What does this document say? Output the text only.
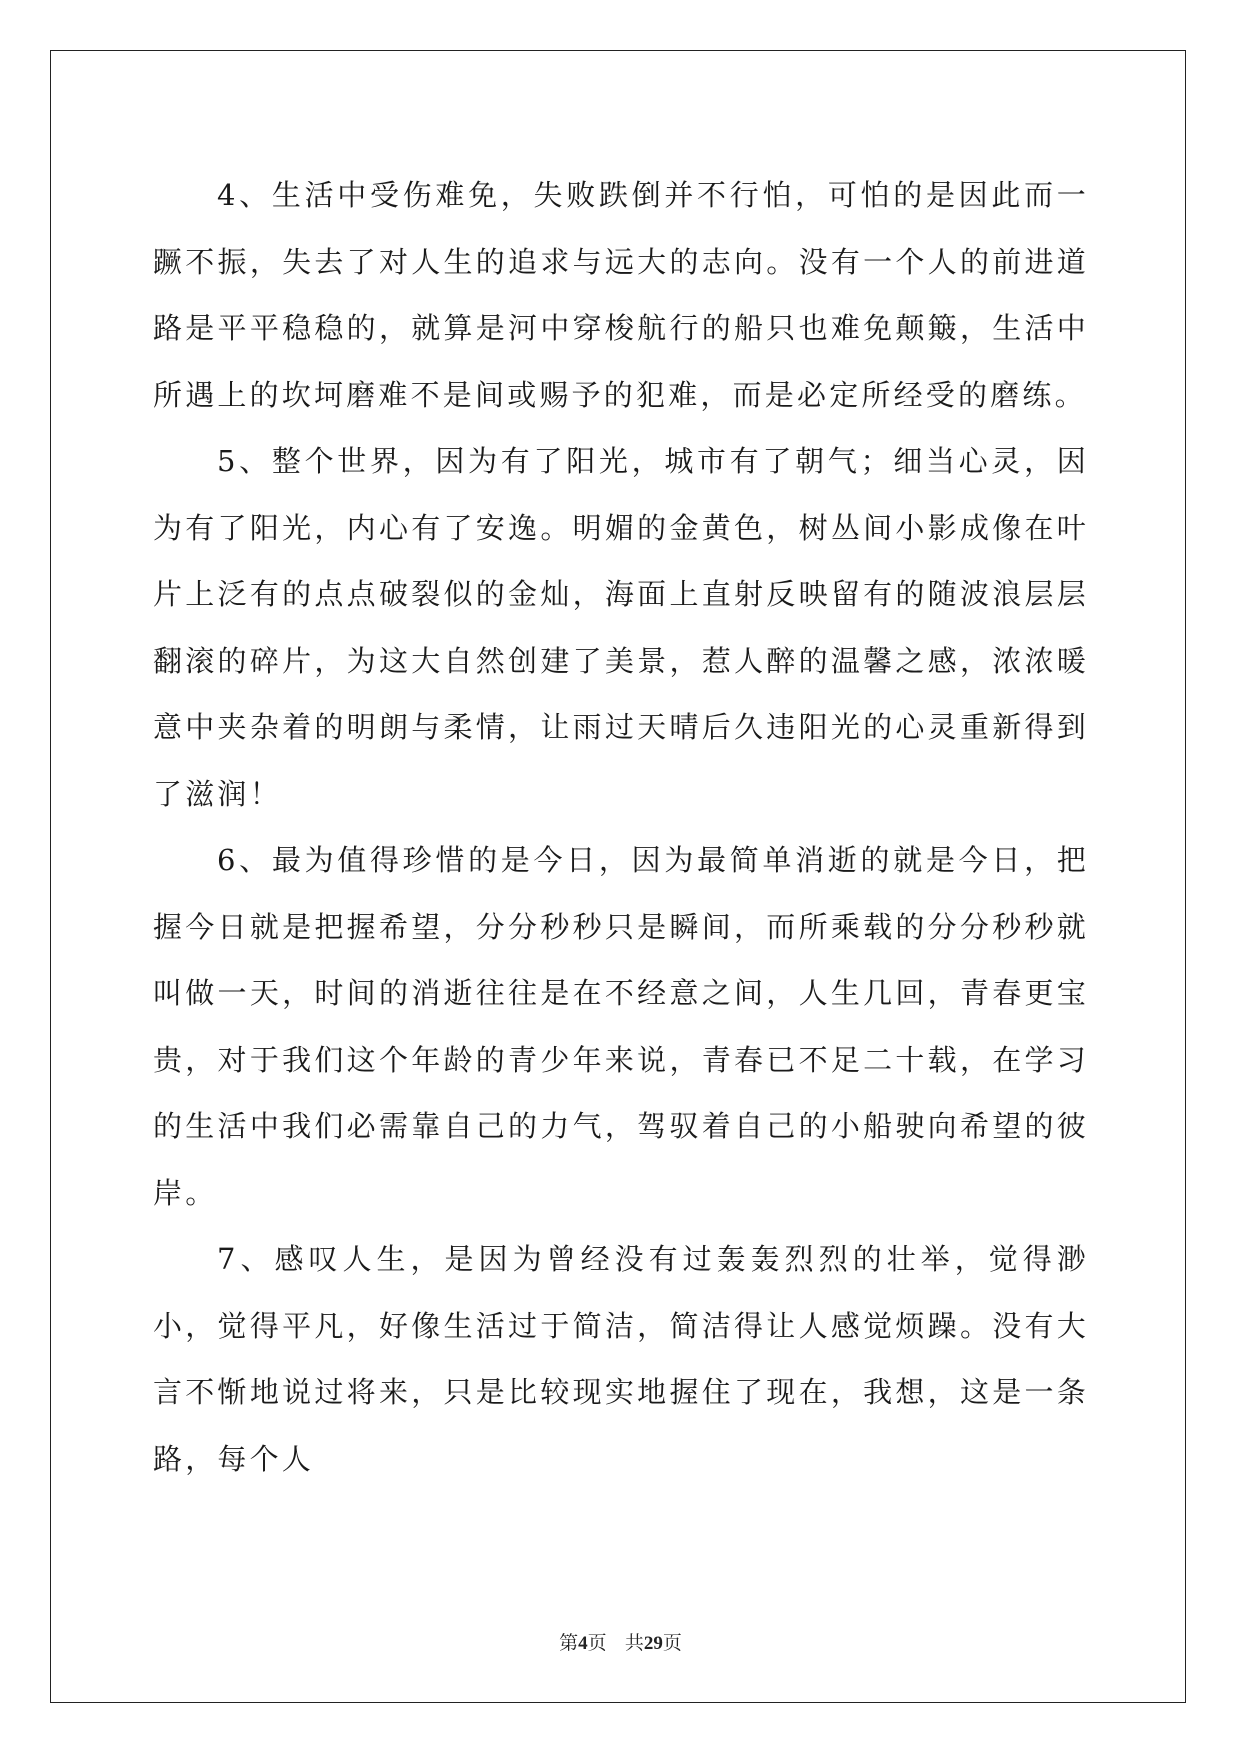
4、生活中受伤难免，失败跌倒并不行怕，可怕的是因此而一蹶不振，失去了对人生的追求与远大的志向。没有一个人的前进道路是平平稳稳的，就算是河中穿梭航行的船只也难免颠簸，生活中所遇上的坎坷磨难不是间或赐予的犯难，而是必定所经受的磨练。

5、整个世界，因为有了阳光，城市有了朝气；细当心灵，因为有了阳光，内心有了安逸。明媚的金黄色，树丛间小影成像在叶片上泛有的点点破裂似的金灿，海面上直射反映留有的随波浪层层翻滚的碎片，为这大自然创建了美景，惹人醉的温馨之感，浓浓暖意中夹杂着的明朗与柔情，让雨过天晴后久违阳光的心灵重新得到了滋润！

6、最为值得珍惜的是今日，因为最简单消逝的就是今日，把握今日就是把握希望，分分秒秒只是瞬间，而所乘载的分分秒秒就叫做一天，时间的消逝往往是在不经意之间，人生几回，青春更宝贵，对于我们这个年龄的青少年来说，青春已不足二十载，在学习的生活中我们必需靠自己的力气，驾驭着自己的小船驶向希望的彼岸。

7、感叹人生，是因为曾经没有过轰轰烈烈的壮举，觉得渺小，觉得平凡，好像生活过于简洁，简洁得让人感觉烦躁。没有大言不惭地说过将来，只是比较现实地握住了现在，我想，这是一条路，每个人

第4页 共29页
